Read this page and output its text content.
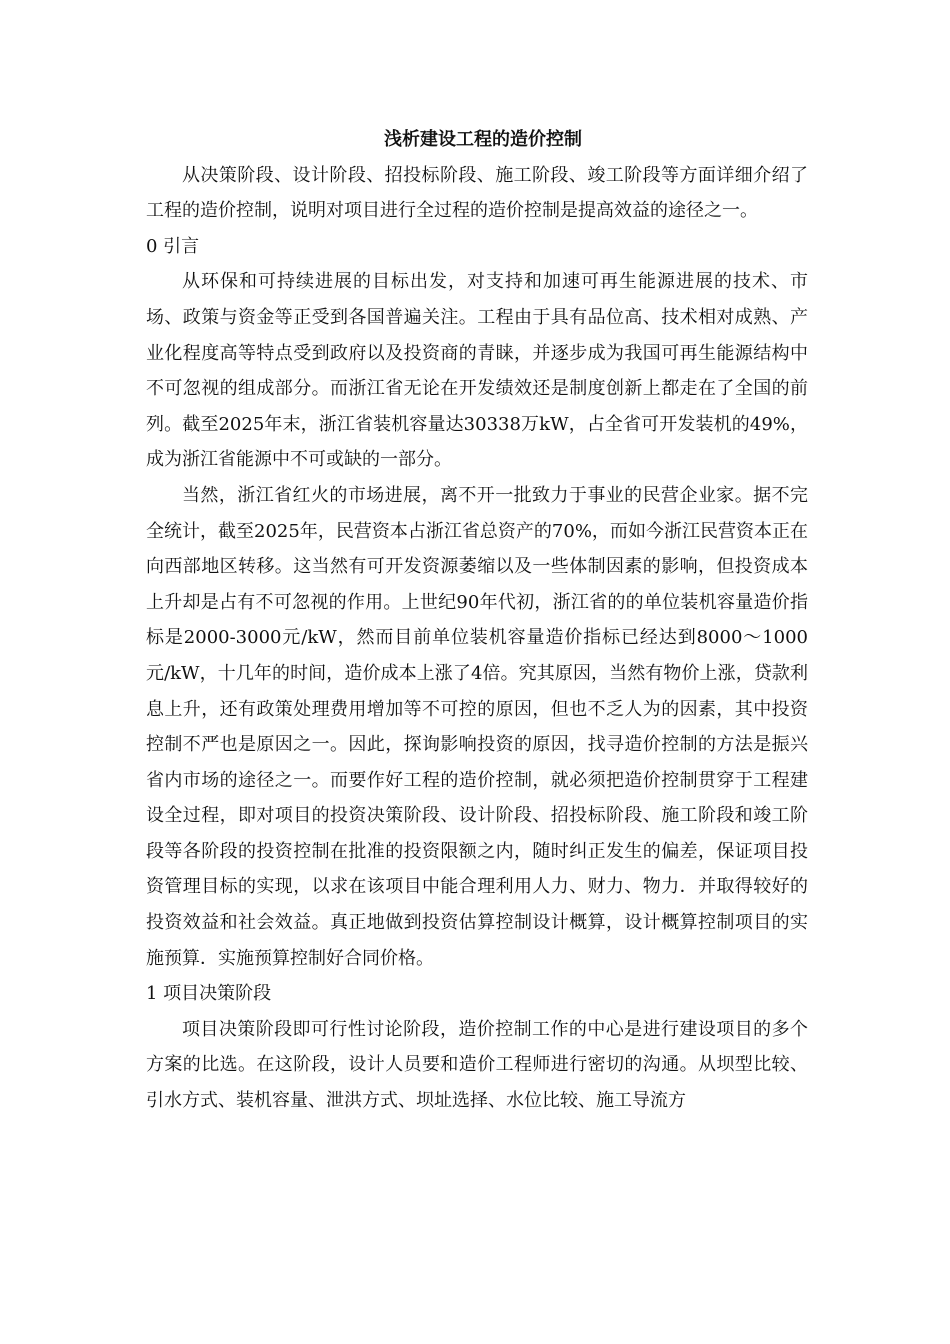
浅析建设工程的造价控制

从决策阶段、设计阶段、招投标阶段、施工阶段、竣工阶段等方面详细介绍了工程的造价控制，说明对项目进行全过程的造价控制是提高效益的途径之一。

0 引言

从环保和可持续进展的目标出发，对支持和加速可再生能源进展的技术、市场、政策与资金等正受到各国普遍关注。工程由于具有品位高、技术相对成熟、产业化程度高等特点受到政府以及投资商的青睐，并逐步成为我国可再生能源结构中不可忽视的组成部分。而浙江省无论在开发绩效还是制度创新上都走在了全国的前列。截至2025年末，浙江省装机容量达30338万kW，占全省可开发装机的49%，成为浙江省能源中不可或缺的一部分。

当然，浙江省红火的市场进展，离不开一批致力于事业的民营企业家。据不完全统计，截至2025年，民营资本占浙江省总资产的70%，而如今浙江民营资本正在向西部地区转移。这当然有可开发资源萎缩以及一些体制因素的影响，但投资成本上升却是占有不可忽视的作用。上世纪90年代初，浙江省的的单位装机容量造价指标是2000-3000元/kW，然而目前单位装机容量造价指标已经达到8000～1000元/kW，十几年的时间，造价成本上涨了4倍。究其原因，当然有物价上涨，贷款利息上升，还有政策处理费用增加等不可控的原因，但也不乏人为的因素，其中投资控制不严也是原因之一。因此，探询影响投资的原因，找寻造价控制的方法是振兴省内市场的途径之一。而要作好工程的造价控制，就必须把造价控制贯穿于工程建设全过程，即对项目的投资决策阶段、设计阶段、招投标阶段、施工阶段和竣工阶段等各阶段的投资控制在批准的投资限额之内，随时纠正发生的偏差，保证项目投资管理目标的实现，以求在该项目中能合理利用人力、财力、物力．并取得较好的投资效益和社会效益。真正地做到投资估算控制设计概算，设计概算控制项目的实施预算．实施预算控制好合同价格。

1 项目决策阶段

项目决策阶段即可行性讨论阶段，造价控制工作的中心是进行建设项目的多个方案的比选。在这阶段，设计人员要和造价工程师进行密切的沟通。从坝型比较、引水方式、装机容量、泄洪方式、坝址选择、水位比较、施工导流方
